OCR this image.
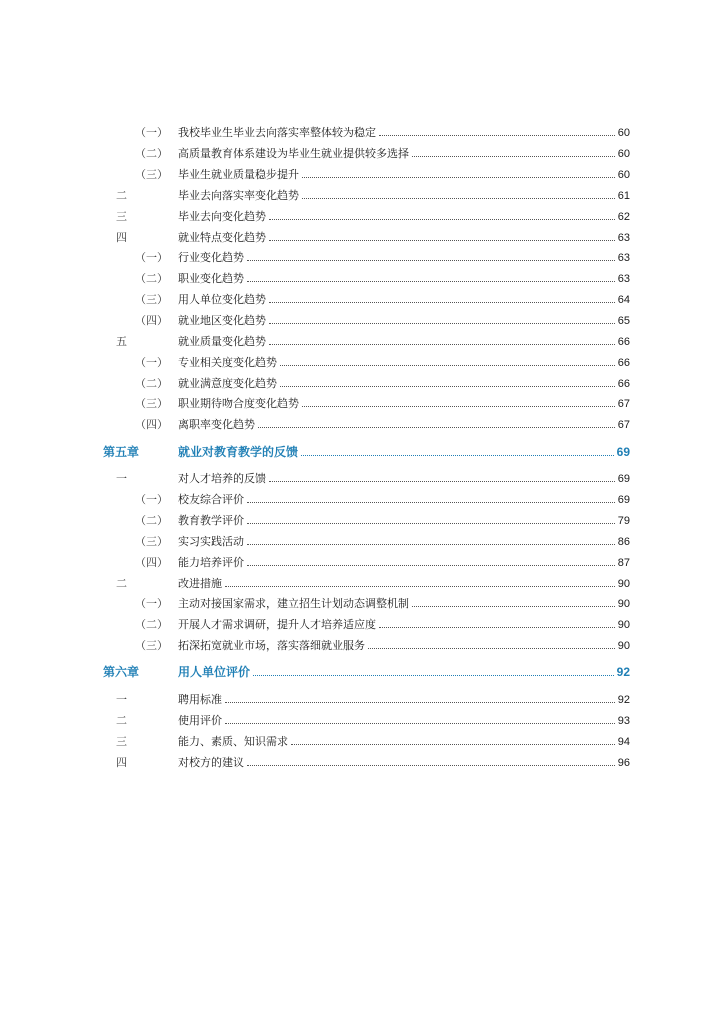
（一） 我校毕业生毕业去向落实率整体较为稳定	60
（二） 高质量教育体系建设为毕业生就业提供较多选择	60
（三） 毕业生就业质量稳步提升	60
二	毕业去向落实率变化趋势	61
三	毕业去向变化趋势	62
四	就业特点变化趋势	63
（一） 行业变化趋势	63
（二） 职业变化趋势	63
（三） 用人单位变化趋势	64
（四） 就业地区变化趋势	65
五	就业质量变化趋势	66
（一） 专业相关度变化趋势	66
（二） 就业满意度变化趋势	66
（三） 职业期待吻合度变化趋势	67
（四） 离职率变化趋势	67
第五章	就业对教育教学的反馈	69
一	对人才培养的反馈	69
（一） 校友综合评价	69
（二） 教育教学评价	79
（三） 实习实践活动	86
（四） 能力培养评价	87
二	改进措施	90
（一） 主动对接国家需求，建立招生计划动态调整机制	90
（二） 开展人才需求调研，提升人才培养适应度	90
（三） 拓深拓宽就业市场，落实落细就业服务	90
第六章	用人单位评价	92
一	聘用标准	92
二	使用评价	93
三	能力、素质、知识需求	94
四	对校方的建议	96
